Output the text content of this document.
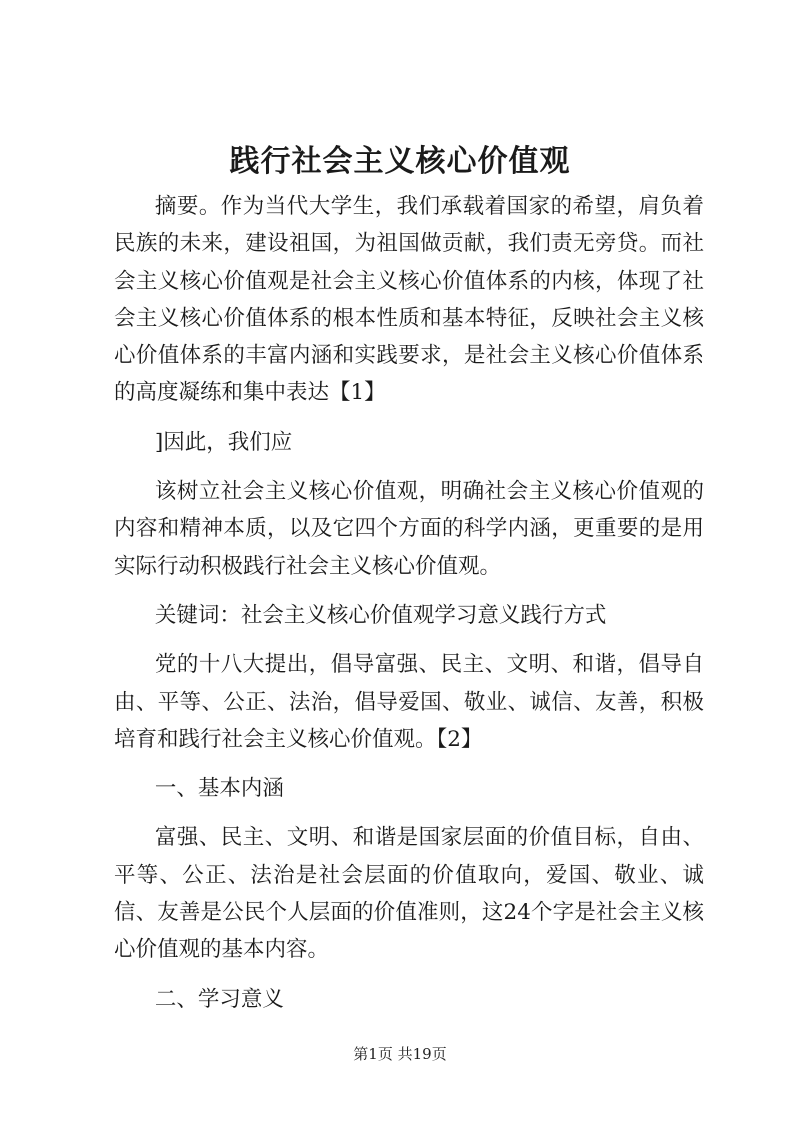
践行社会主义核心价值观

摘要。作为当代大学生，我们承载着国家的希望，肩负着民族的未来，建设祖国，为祖国做贡献，我们责无旁贷。而社会主义核心价值观是社会主义核心价值体系的内核，体现了社会主义核心价值体系的根本性质和基本特征，反映社会主义核心价值体系的丰富内涵和实践要求，是社会主义核心价值体系的高度凝练和集中表达【1】

]因此，我们应

该树立社会主义核心价值观，明确社会主义核心价值观的内容和精神本质，以及它四个方面的科学内涵，更重要的是用实际行动积极践行社会主义核心价值观。

关键词：社会主义核心价值观学习意义践行方式

党的十八大提出，倡导富强、民主、文明、和谐，倡导自由、平等、公正、法治，倡导爱国、敬业、诚信、友善，积极培育和践行社会主义核心价值观。【2】

一、基本内涵

富强、民主、文明、和谐是国家层面的价值目标，自由、平等、公正、法治是社会层面的价值取向，爱国、敬业、诚信、友善是公民个人层面的价值准则，这24个字是社会主义核心价值观的基本内容。

二、学习意义

第1页 共19页
